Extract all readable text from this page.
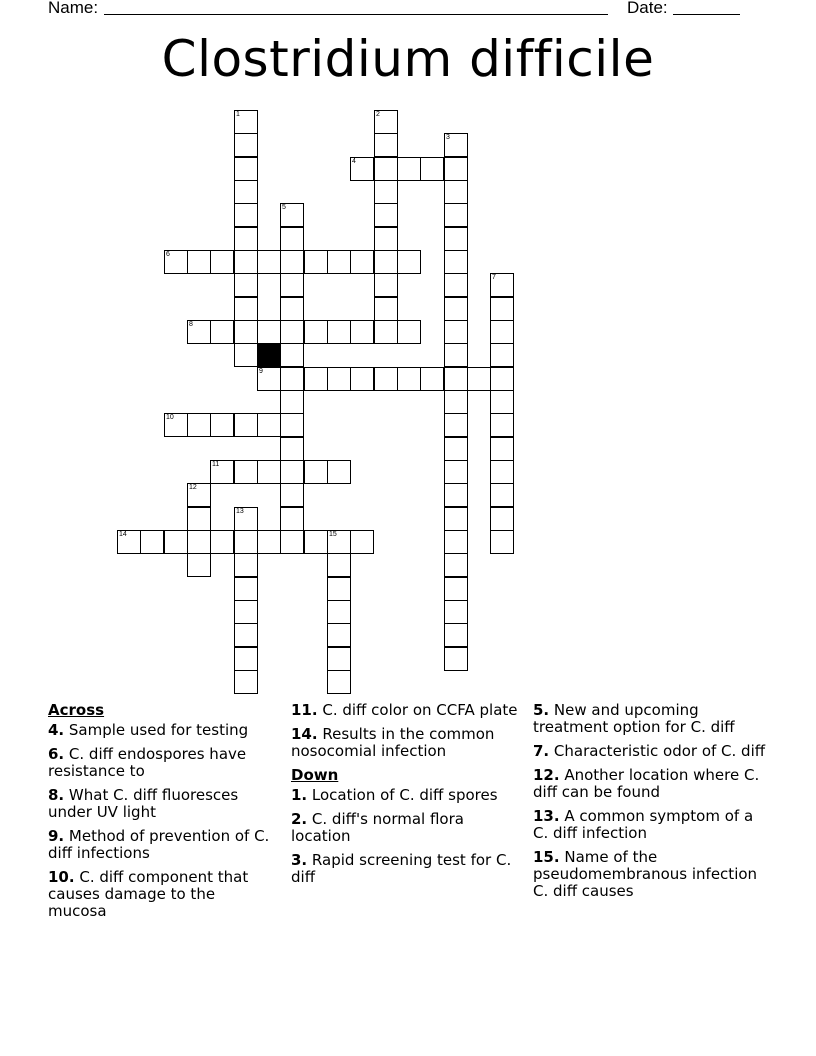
Name:	Date:
Clostridium difficile
1	2
3
4
5
6
7
8
9
10
11
12
13
14	15
Across
4. Sample used for testing
6. C. diff endospores have resistance to
8. What C. diff fluoresces under UV light
9. Method of prevention of C. diff infections
10. C. diff component that causes damage to the mucosa
11. C. diff color on CCFA plate
14. Results in the common nosocomial infection
Down
1. Location of C. diff spores
2. C. diff's normal flora location
3. Rapid screening test for C. diff
5. New and upcoming treatment option for C. diff
7. Characteristic odor of C. diff
12. Another location where C. diff can be found
13. A common symptom of a C. diff infection
15. Name of the pseudomembranous infection C. diff causes
